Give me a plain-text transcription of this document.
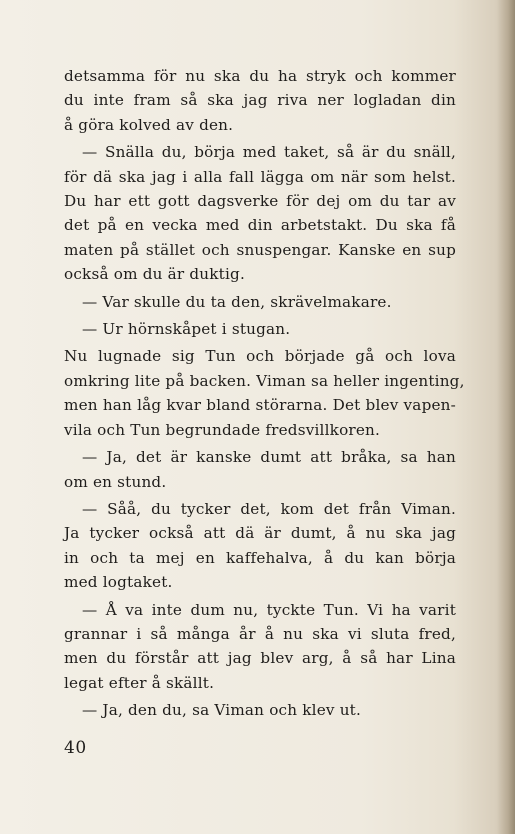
detsamma för nu ska du ha stryk och kommer
du inte fram så ska jag riva ner logladan din
å göra kolved av den.
— Snälla du, börja med taket, så är du snäll,
för dä ska jag i alla fall lägga om när som helst.
Du har ett gott dagsverke för dej om du tar av
det på en vecka med din arbetstakt. Du ska få
maten på stället och snuspengar. Kanske en sup
också om du är duktig.
— Var skulle du ta den, skrävelmakare.
— Ur hörnskåpet i stugan.
Nu lugnade sig Tun och började gå och lova
omkring lite på backen. Viman sa heller ingenting,
men han låg kvar bland störarna. Det blev vapen-
vila och Tun begrundade fredsvillkoren.
— Ja, det är kanske dumt att bråka, sa han
om en stund.
— Såå, du tycker det, kom det från Viman.
Ja tycker också att dä är dumt, å nu ska jag
in och ta mej en kaffehalva, å du kan börja
med logtaket.
— Å va inte dum nu, tyckte Tun. Vi ha varit
grannar i så många år å nu ska vi sluta fred,
men du förstår att jag blev arg, å så har Lina
legat efter å skällt.
— Ja, den du, sa Viman och klev ut.
40
